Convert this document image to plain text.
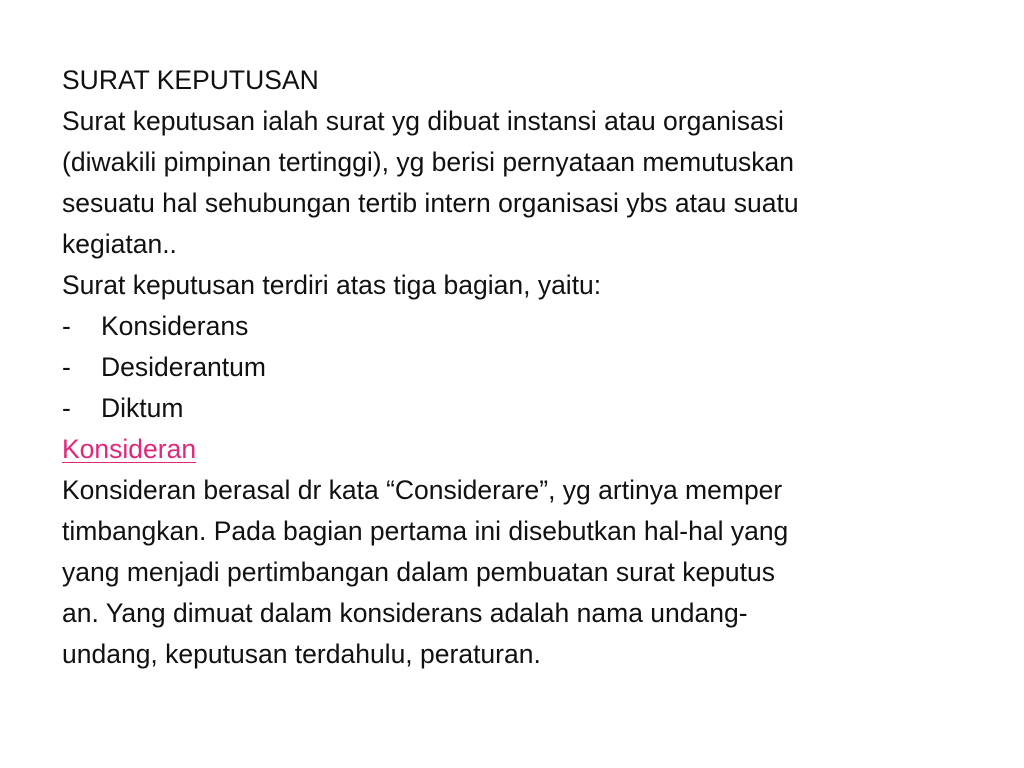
SURAT KEPUTUSAN
Surat keputusan ialah surat yg dibuat instansi atau organisasi
(diwakili pimpinan tertinggi), yg berisi pernyataan memutuskan
sesuatu hal sehubungan tertib intern organisasi ybs atau suatu
kegiatan..
Surat keputusan terdiri atas tiga bagian, yaitu:
-	Konsiderans
-	Desiderantum
-	Diktum
Konsideran
Konsideran berasal dr kata “Considerare”, yg artinya memper
timbangkan. Pada bagian pertama ini disebutkan hal-hal yang
yang menjadi pertimbangan dalam pembuatan surat keputus
an. Yang dimuat dalam konsiderans adalah nama undang-
undang, keputusan terdahulu, peraturan.
